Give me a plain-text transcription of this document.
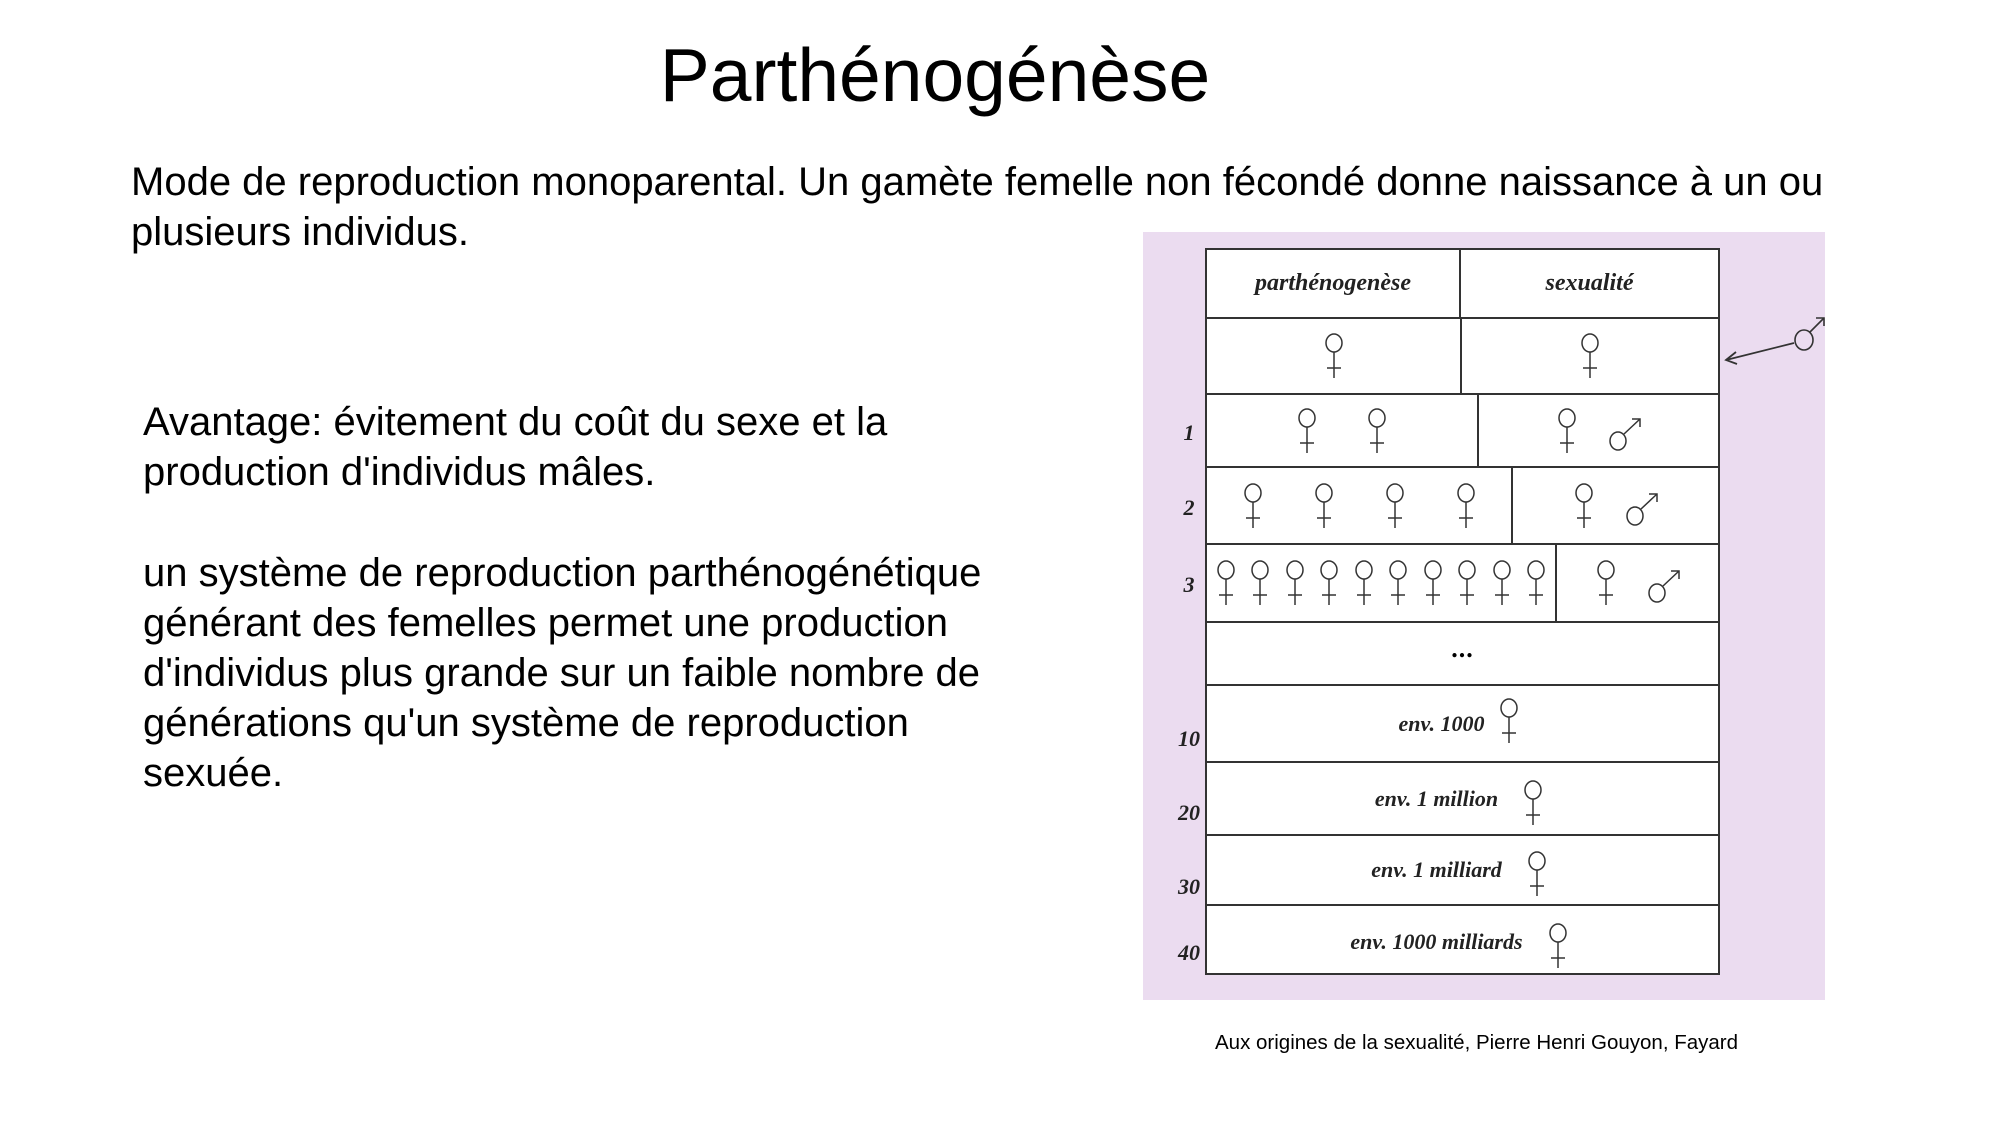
Parthénogénèse
Mode de reproduction monoparental. Un gamète femelle non fécondé donne naissance à un ou plusieurs individus.
Avantage: évitement du coût du sexe et la production d'individus mâles.
un système de reproduction parthénogénétique générant des femelles permet une production d'individus plus grande sur un faible nombre de générations qu'un système de reproduction sexuée.
1
2
3
10
20
30
40
parthénogenèse	sexualité
...
env. 1000
env. 1 million
env. 1 milliard
env. 1000 milliards
Aux origines de la sexualité, Pierre Henri Gouyon, Fayard
